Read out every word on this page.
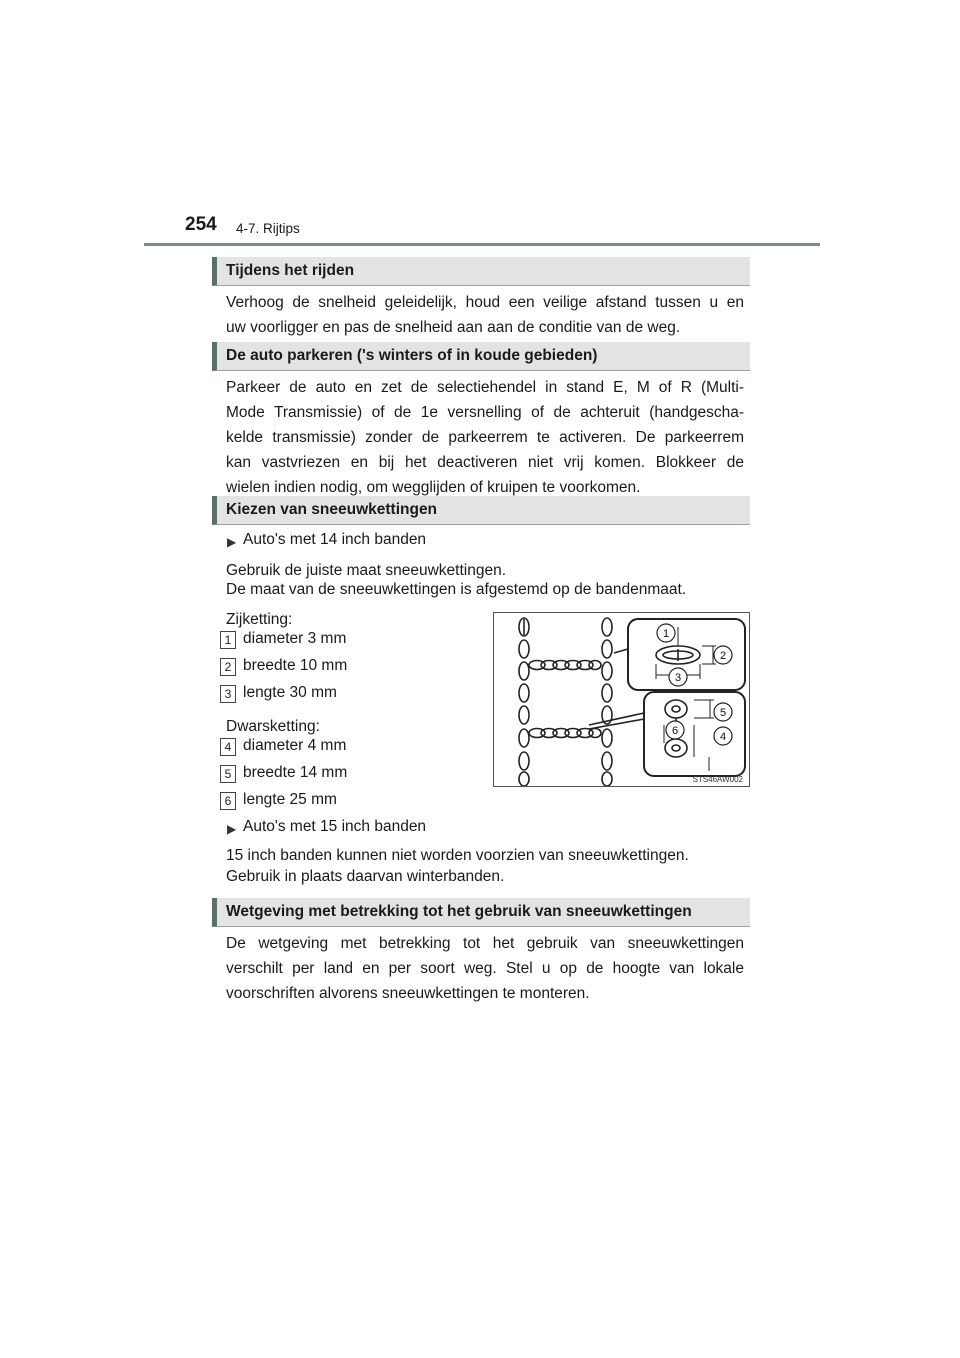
254 4-7. Rijtips
Tijdens het rijden
Verhoog de snelheid geleidelijk, houd een veilige afstand tussen u en
uw voorligger en pas de snelheid aan aan de conditie van de weg.
De auto parkeren ('s winters of in koude gebieden)
Parkeer de auto en zet de selectiehendel in stand E, M of R (Multi-
Mode Transmissie) of de 1e versnelling of de achteruit (handgescha-
kelde transmissie) zonder de parkeerrem te activeren. De parkeerrem
kan vastvriezen en bij het deactiveren niet vrij komen. Blokkeer de
wielen indien nodig, om wegglijden of kruipen te voorkomen.
Kiezen van sneeuwkettingen
▶ Auto's met 14 inch banden
Gebruik de juiste maat sneeuwkettingen.
De maat van de sneeuwkettingen is afgestemd op de bandenmaat.
Zijketting:
1 diameter 3 mm
2 breedte 10 mm
3 lengte 30 mm
Dwarsketting:
4 diameter 4 mm
5 breedte 14 mm
6 lengte 25 mm
▶ Auto's met 15 inch banden
15 inch banden kunnen niet worden voorzien van sneeuwkettingen.
Gebruik in plaats daarvan winterbanden.
1
2
3
5
6	4
STS46AW002
Wetgeving met betrekking tot het gebruik van sneeuwkettingen
De wetgeving met betrekking tot het gebruik van sneeuwkettingen
verschilt per land en per soort weg. Stel u op de hoogte van lokale
voorschriften alvorens sneeuwkettingen te monteren.
